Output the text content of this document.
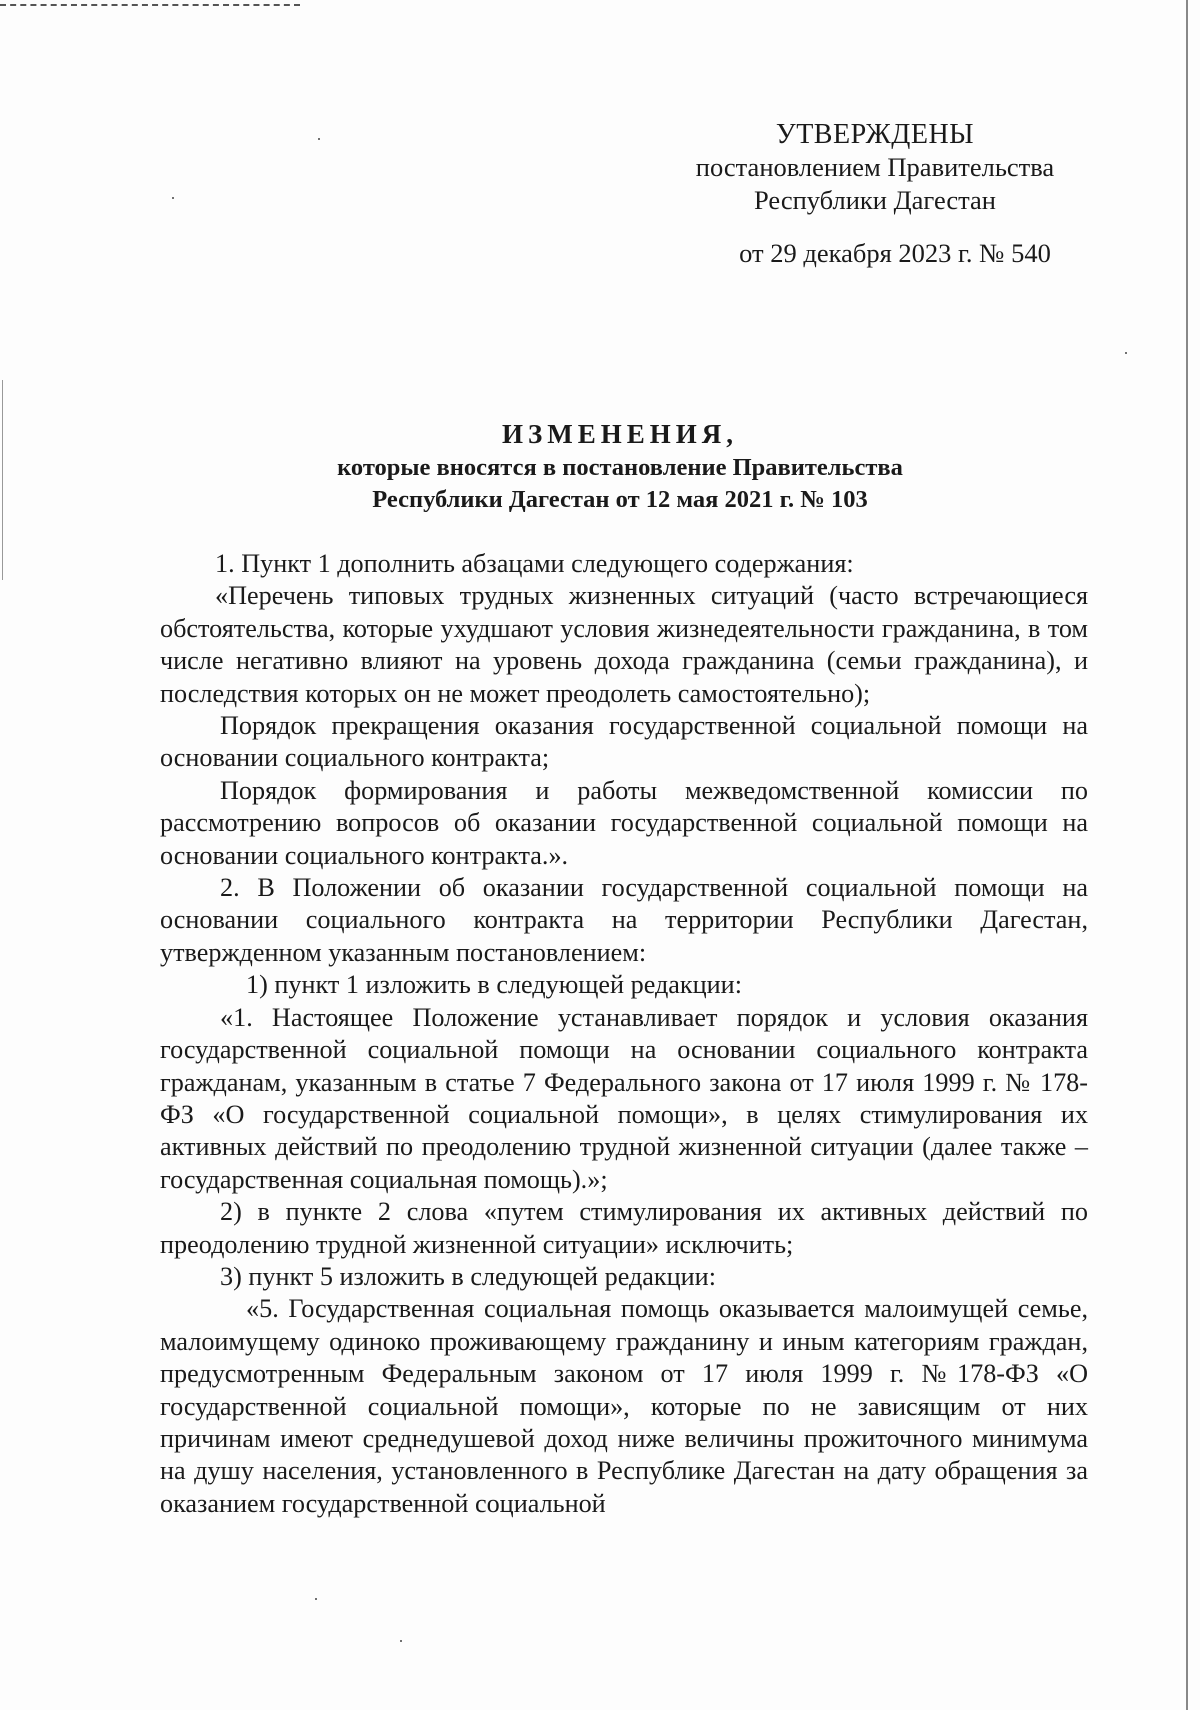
УТВЕРЖДЕНЫ
постановлением Правительства
Республики Дагестан
от 29 декабря 2023 г. № 540
ИЗМЕНЕНИЯ,
которые вносятся в постановление Правительства
Республики Дагестан от 12 мая 2021 г. № 103

1. Пункт 1 дополнить абзацами следующего содержания:

«Перечень типовых трудных жизненных ситуаций (часто встречающиеся обстоятельства, которые ухудшают условия жизнедеятельности гражданина, в том числе негативно влияют на уровень дохода гражданина (семьи гражданина), и последствия которых он не может преодолеть самостоятельно);

Порядок прекращения оказания государственной социальной помощи на основании социального контракта;

Порядок формирования и работы межведомственной комиссии по рассмотрению вопросов об оказании государственной социальной помощи на основании социального контракта.».

2. В Положении об оказании государственной социальной помощи на основании социального контракта на территории Республики Дагестан, утвержденном указанным постановлением:

1) пункт 1 изложить в следующей редакции:

«1. Настоящее Положение устанавливает порядок и условия оказания государственной социальной помощи на основании социального контракта гражданам, указанным в статье 7 Федерального закона от 17 июля 1999 г. № 178-ФЗ «О государственной социальной помощи», в целях стимулирования их активных действий по преодолению трудной жизненной ситуации (далее также – государственная социальная помощь).»;

2) в пункте 2 слова «путем стимулирования их активных действий по преодолению трудной жизненной ситуации» исключить;

3) пункт 5 изложить в следующей редакции:

«5. Государственная социальная помощь оказывается малоимущей семье, малоимущему одиноко проживающему гражданину и иным категориям граждан, предусмотренным Федеральным законом от 17 июля 1999 г. №178-ФЗ «О государственной социальной помощи», которые по не зависящим от них причинам имеют среднедушевой доход ниже величины прожиточного минимума на душу населения, установленного в Республике Дагестан на дату обращения за оказанием государственной социальной
